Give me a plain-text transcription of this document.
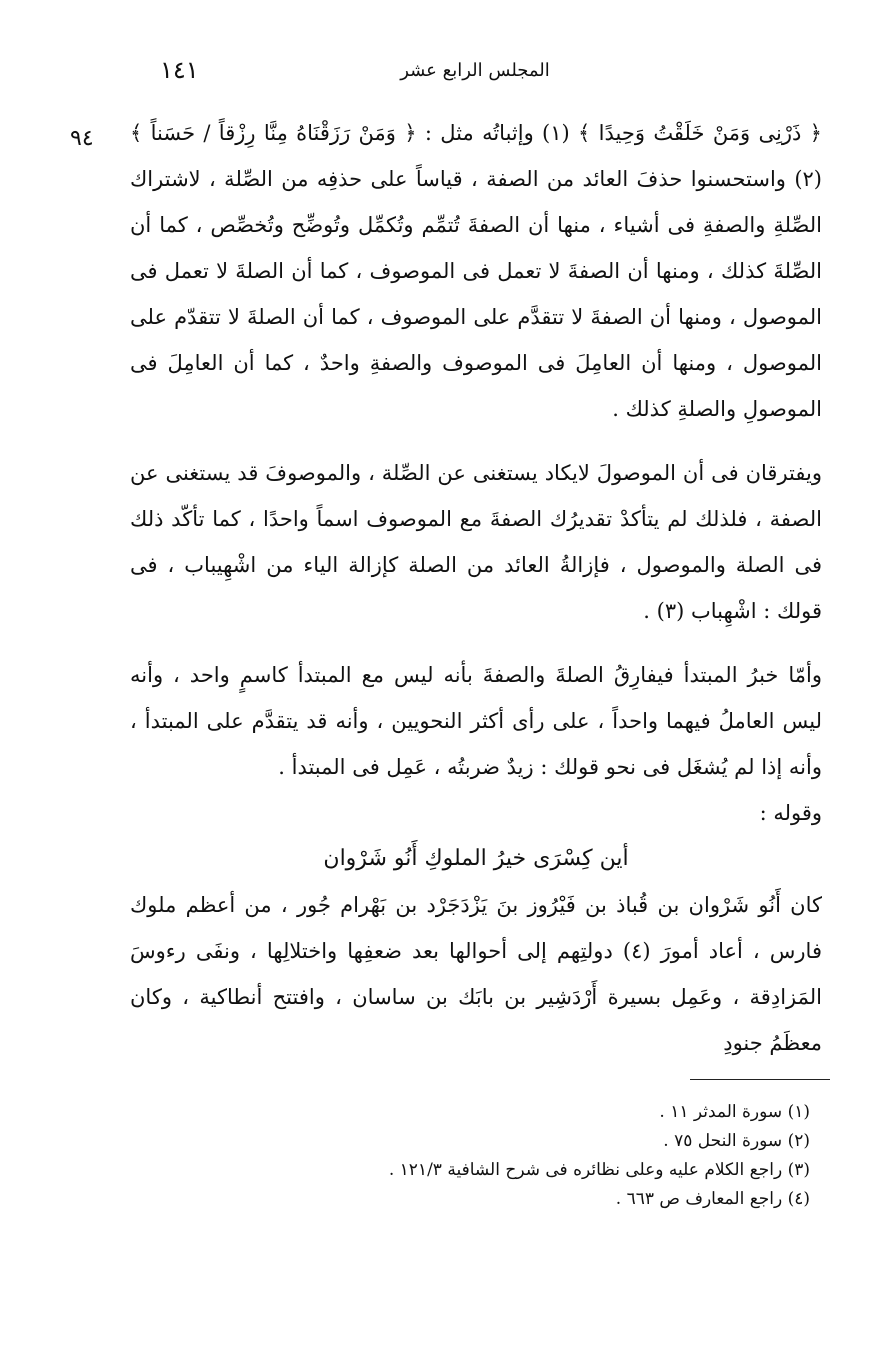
١٤١	المجلس الرابع عشر
٩٤ ﴿ ذَرْنِى وَمَنْ خَلَقْتُ وَحِيدًا ﴾ (١) وإثباتُه مثل : ﴿ وَمَنْ رَزَقْنَاهُ مِنَّا رِزْقاً / حَسَناً ﴾ (٢) واستحسنوا حذفَ العائد من الصفة ، قياساً على حذفِه من الصِّلة ، لاشتراك الصِّلةِ والصفةِ فى أشياء ، منها أن الصفةَ تُتمِّم وتُكمِّل وتُوضِّح وتُخصِّص ، كما أن الصِّلةَ كذلك ، ومنها أن الصفةَ لا تعمل فى الموصوف ، كما أن الصلةَ لا تعمل فى الموصول ، ومنها أن الصفةَ لا تتقدَّم على الموصوف ، كما أن الصلةَ لا تتقدّم على الموصول ، ومنها أن العامِلَ فى الموصوف والصفةِ واحدٌ ، كما أن العامِلَ فى الموصولِ والصلةِ كذلك .

ويفترقان فى أن الموصولَ لايكاد يستغنى عن الصِّلة ، والموصوفَ قد يستغنى عن الصفة ، فلذلك لم يتأكدْ تقديرُك الصفةَ مع الموصوف اسماً واحدًا ، كما تأكّد ذلك فى الصلة والموصول ، فإزالةُ العائد من الصلة كإزالة الياء من اشْهِيباب ، فى قولك : اشْهِباب (٣) .

وأمّا خبرُ المبتدأ فيفارِقُ الصلةَ والصفةَ بأنه ليس مع المبتدأ كاسمٍ واحد ، وأنه ليس العاملُ فيهما واحداً ، على رأى أكثر النحويين ، وأنه قد يتقدَّم على المبتدأ ، وأنه إذا لم يُشغَل فى نحو قولك : زيدٌ ضربتُه ، عَمِل فى المبتدأ .

وقوله :

أين كِسْرَى خيرُ الملوكِ أَنُو شَرْوان

كان أَنُو شَرْوان بن قُباذ بن فَيْرُوز بنَ يَزْدَجَرْد بن بَهْرام جُور ، من أعظم ملوك فارس ، أعاد أمورَ (٤) دولتِهم إلى أحوالها بعد ضعفِها واختلالِها ، ونفَى رءوسَ المَزادِقة ، وعَمِل بسيرة أَرْدَشِير بن بابَك بن ساسان ، وافتتح أنطاكية ، وكان معظَمُ جنودِ

(١) سورة المدثر ١١ .

(٢) سورة النحل ٧٥ .

(٣) راجع الكلام عليه وعلى نظائره فى شرح الشافية ١٢١/٣ .

(٤) راجع المعارف ص ٦٦٣ .
